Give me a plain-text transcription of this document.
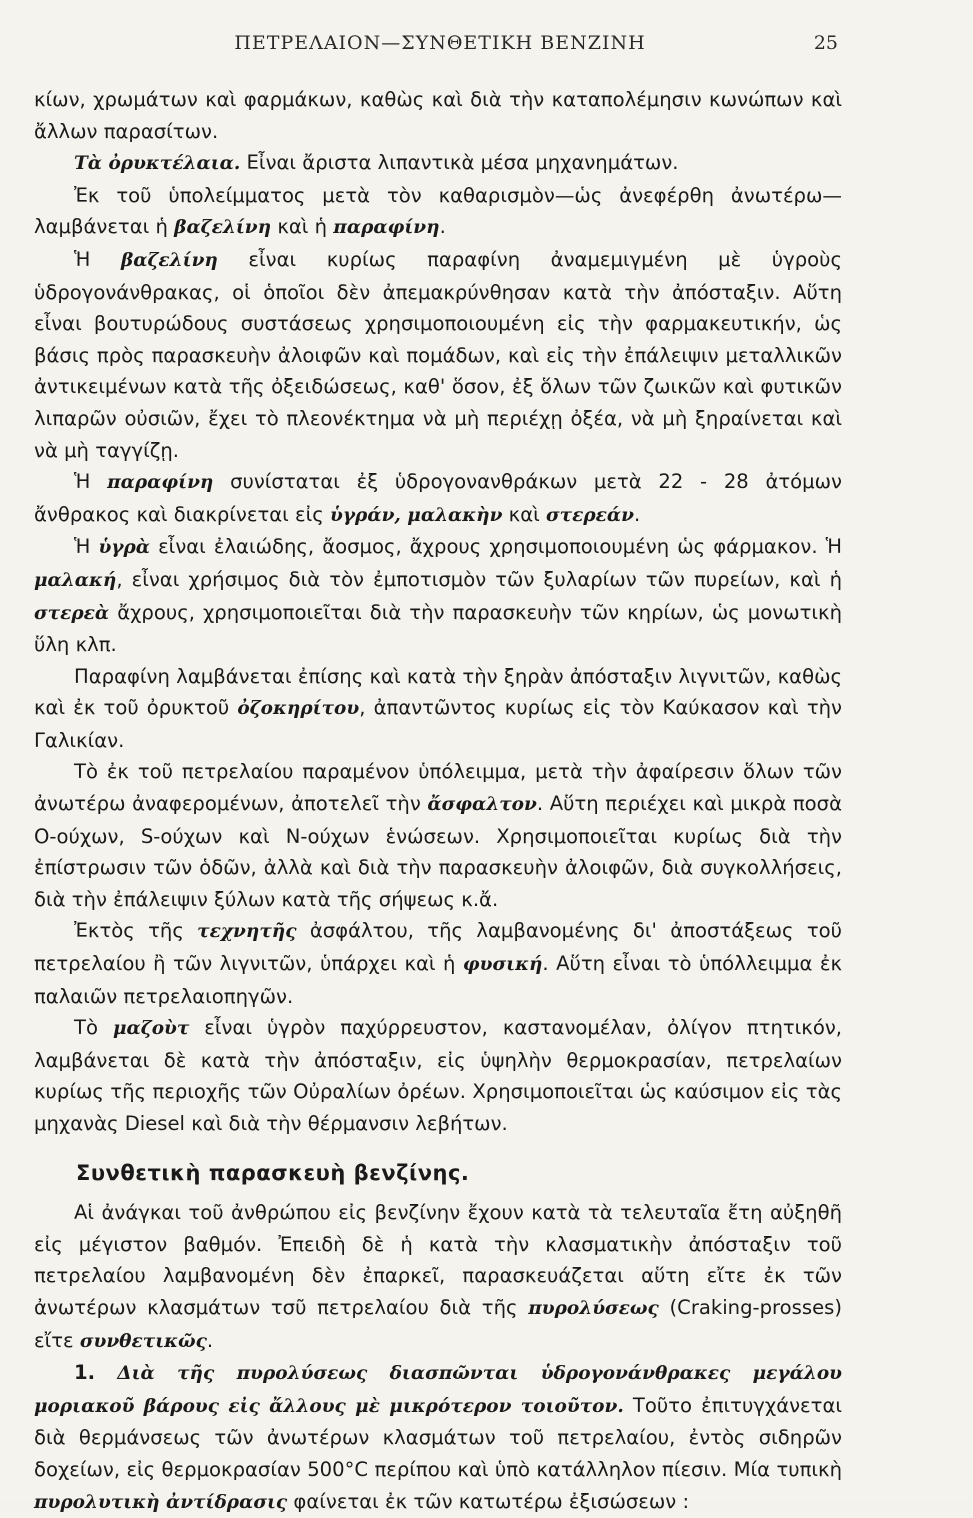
ΠΕΤΡΕΛΑΙΟΝ—ΣΥΝΘΕΤΙΚΗ ΒΕΝΖΙΝΗ	25

κίων, χρωμάτων καὶ φαρμάκων, καθὼς καὶ διὰ τὴν καταπολέμησιν κωνώπων καὶ ἄλλων παρασίτων.

Τὰ ὀρυκτέλαια. Εἶναι ἄριστα λιπαντικὰ μέσα μηχανημάτων.

Ἐκ τοῦ ὑπολείμματος μετὰ τὸν καθαρισμὸν—ὡς ἀνεφέρθη ἀνωτέρω—λαμβάνεται ἡ βαζελίνη καὶ ἡ παραφίνη.

Ἡ βαζελίνη εἶναι κυρίως παραφίνη ἀναμεμιγμένη μὲ ὑγροὺς ὑδρογονάνθρακας, οἱ ὁποῖοι δὲν ἀπεμακρύνθησαν κατὰ τὴν ἀπόσταξιν. Αὕτη εἶναι βουτυρώδους συστάσεως χρησιμοποιουμένη εἰς τὴν φαρμακευτικήν, ὡς βάσις πρὸς παρασκευὴν ἀλοιφῶν καὶ πομάδων, καὶ εἰς τὴν ἐπάλειψιν μεταλλικῶν ἀντικειμένων κατὰ τῆς ὀξειδώσεως, καθ' ὅσον, ἐξ ὅλων τῶν ζωικῶν καὶ φυτικῶν λιπαρῶν οὐσιῶν, ἔχει τὸ πλεονέκτημα νὰ μὴ περιέχῃ ὀξέα, νὰ μὴ ξηραίνεται καὶ νὰ μὴ ταγγίζῃ.

Ἡ παραφίνη συνίσταται ἐξ ὑδρογονανθράκων μετὰ 22 - 28 ἀτόμων ἄνθρακος καὶ διακρίνεται εἰς ὑγράν, μαλακὴν καὶ στερεάν.

Ἡ ὑγρὰ εἶναι ἐλαιώδης, ἄοσμος, ἄχρους χρησιμοποιουμένη ὡς φάρμακον. Ἡ μαλακή, εἶναι χρήσιμος διὰ τὸν ἐμποτισμὸν τῶν ξυλαρίων τῶν πυρείων, καὶ ἡ στερεὰ ἄχρους, χρησιμοποιεῖται διὰ τὴν παρασκευὴν τῶν κηρίων, ὡς μονωτικὴ ὕλη κλπ.

Παραφίνη λαμβάνεται ἐπίσης καὶ κατὰ τὴν ξηρὰν ἀπόσταξιν λιγνιτῶν, καθὼς καὶ ἐκ τοῦ ὀρυκτοῦ ὀζοκηρίτου, ἀπαντῶντος κυρίως εἰς τὸν Καύκασον καὶ τὴν Γαλικίαν.

Τὸ ἐκ τοῦ πετρελαίου παραμένον ὑπόλειμμα, μετὰ τὴν ἀφαίρεσιν ὅλων τῶν ἀνωτέρω ἀναφερομένων, ἀποτελεῖ τὴν ἄσφαλτον. Αὕτη περιέχει καὶ μικρὰ ποσὰ Ο-ούχων, S-ούχων καὶ Ν-ούχων ἑνώσεων. Χρησιμοποιεῖται κυρίως διὰ τὴν ἐπίστρωσιν τῶν ὁδῶν, ἀλλὰ καὶ διὰ τὴν παρασκευὴν ἀλοιφῶν, διὰ συγκολλήσεις, διὰ τὴν ἐπάλειψιν ξύλων κατὰ τῆς σήψεως κ.ἄ.

Ἐκτὸς τῆς τεχνητῆς ἀσφάλτου, τῆς λαμβανομένης δι' ἀποστάξεως τοῦ πετρελαίου ἢ τῶν λιγνιτῶν, ὑπάρχει καὶ ἡ φυσική. Αὕτη εἶναι τὸ ὑπόλλειμμα ἐκ παλαιῶν πετρελαιοπηγῶν.

Τὸ μαζοὺτ εἶναι ὑγρὸν παχύρρευστον, καστανομέλαν, ὀλίγον πτητικόν, λαμβάνεται δὲ κατὰ τὴν ἀπόσταξιν, εἰς ὑψηλὴν θερμοκρασίαν, πετρελαίων κυρίως τῆς περιοχῆς τῶν Οὐραλίων ὀρέων. Χρησιμοποιεῖται ὡς καύσιμον εἰς τὰς μηχανὰς Diesel καὶ διὰ τὴν θέρμανσιν λεβήτων.

Συνθετικὴ παρασκευὴ βενζίνης.

Αἱ ἀνάγκαι τοῦ ἀνθρώπου εἰς βενζίνην ἔχουν κατὰ τὰ τελευταῖα ἔτη αὐξηθῆ εἰς μέγιστον βαθμόν. Ἐπειδὴ δὲ ἡ κατὰ τὴν κλασματικὴν ἀπόσταξιν τοῦ πετρελαίου λαμβανομένη δὲν ἐπαρκεῖ, παρασκευάζεται αὕτη εἴτε ἐκ τῶν ἀνωτέρων κλασμάτων τσῦ πετρελαίου διὰ τῆς πυρολύσεως (Craking-prosses) εἴτε συνθετικῶς.

1. Διὰ τῆς πυρολύσεως διασπῶνται ὑδρογονάνθρακες μεγάλου μοριακοῦ βάρους εἰς ἄλλους μὲ μικρότερον τοιοῦτον. Τοῦτο ἐπιτυγχάνεται διὰ θερμάνσεως τῶν ἀνωτέρων κλασμάτων τοῦ πετρελαίου, ἐντὸς σιδηρῶν δοχείων, εἰς θερμοκρασίαν 500°C περίπου καὶ ὑπὸ κατάλληλον πίεσιν. Μία τυπικὴ πυρολυτικὴ ἀντίδρασις φαίνεται ἐκ τῶν κατωτέρω ἐξισώσεων :
